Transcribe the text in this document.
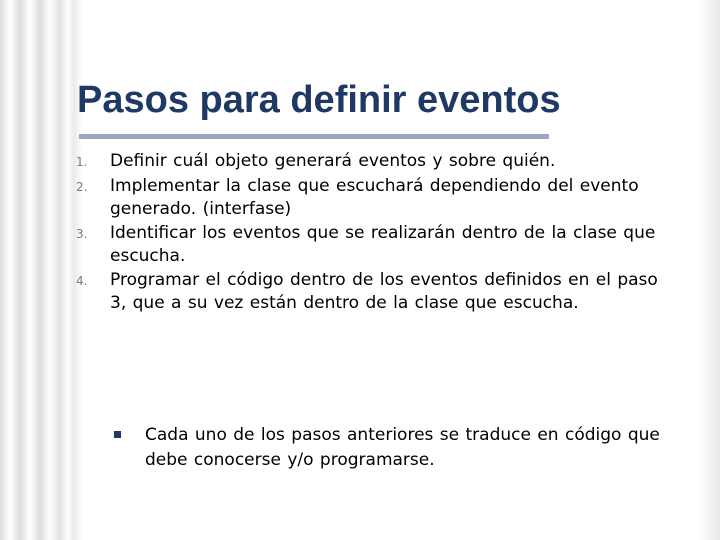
Pasos para definir eventos
1.	Definir cuál objeto generará eventos y sobre quién.
2.	Implementar la clase que escuchará dependiendo del evento generado. (interfase)
3.	Identificar los eventos que se realizarán dentro de la clase que escucha.
4.	Programar el código dentro de los eventos definidos en el paso 3, que a su vez están dentro de la clase que escucha.
Cada uno de los pasos anteriores se traduce en código que debe conocerse y/o programarse.
